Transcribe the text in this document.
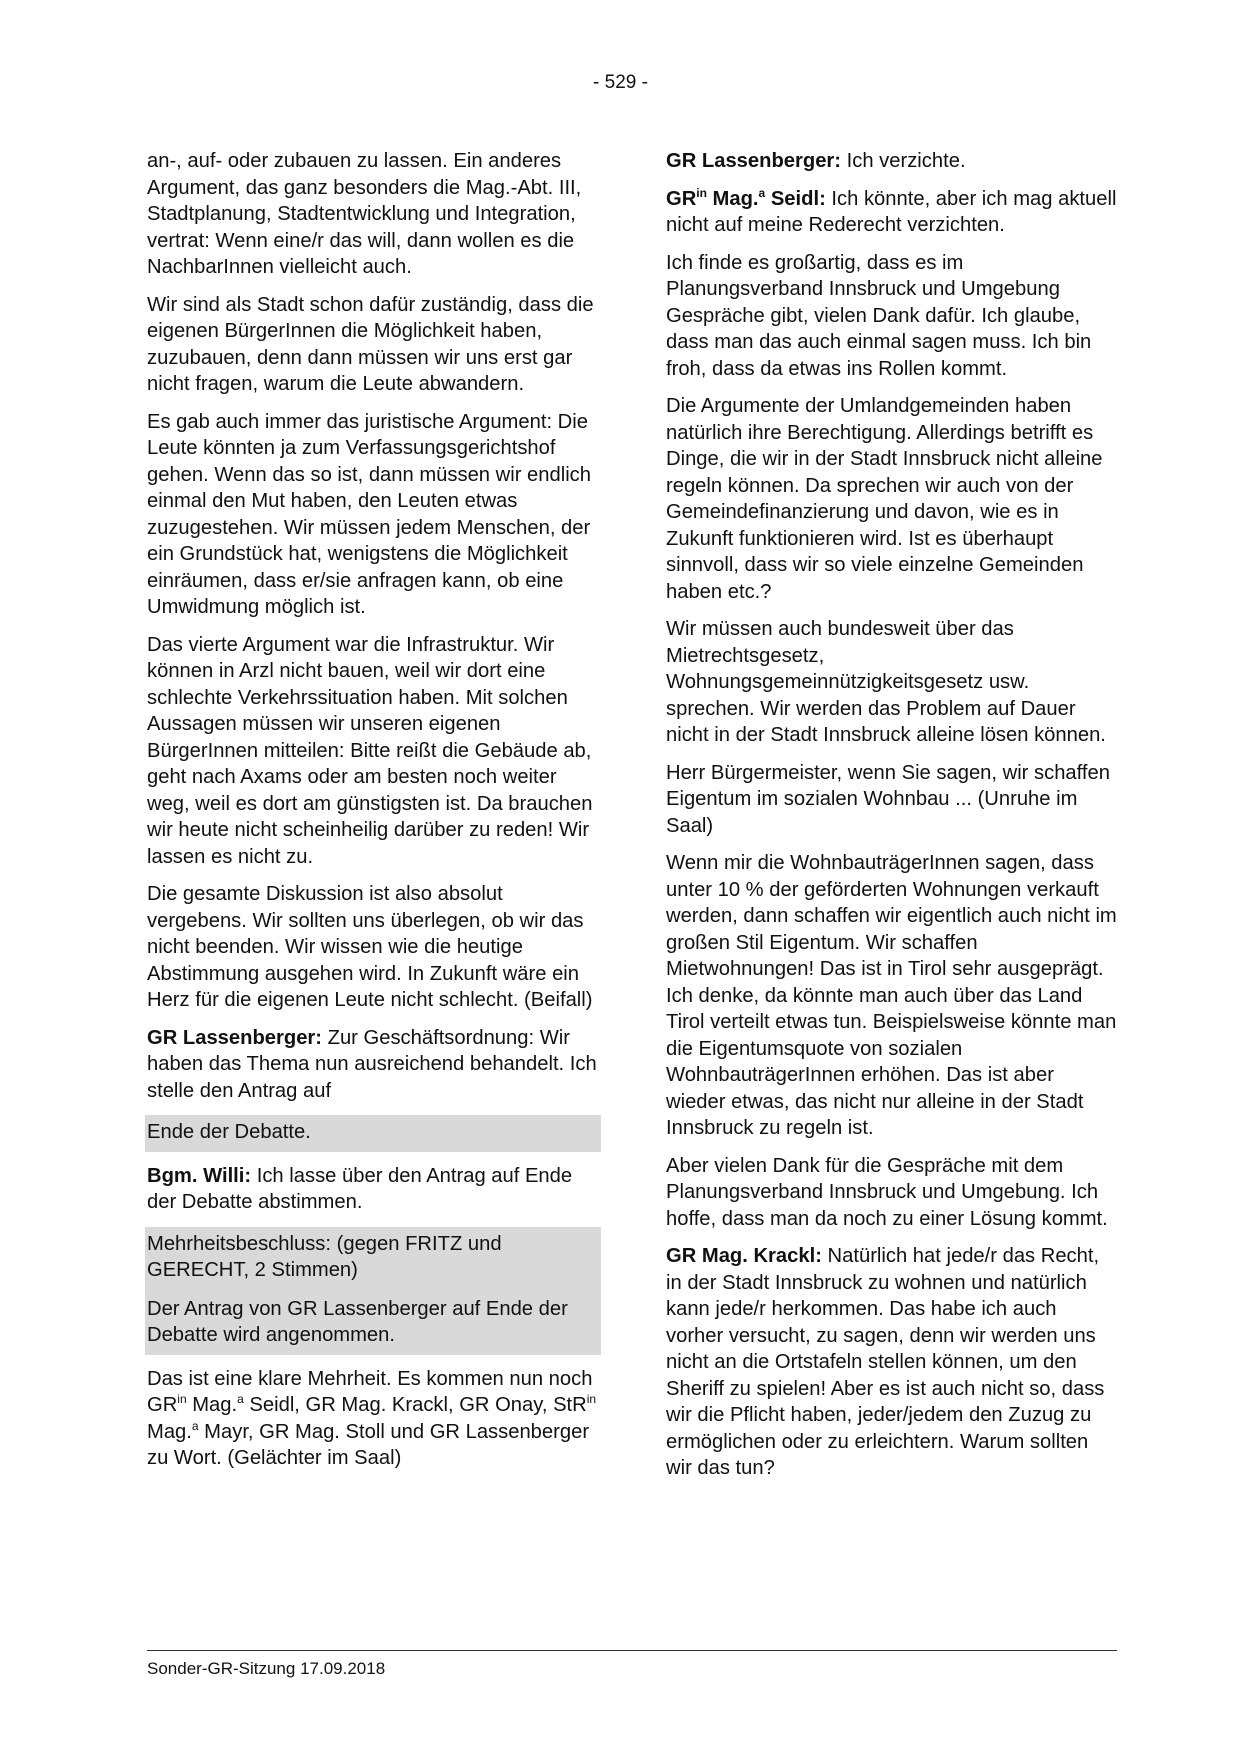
- 529 -

an-, auf- oder zubauen zu lassen. Ein anderes Argument, das ganz besonders die Mag.-Abt. III, Stadtplanung, Stadtentwicklung und Integration, vertrat: Wenn eine/r das will, dann wollen es die NachbarInnen vielleicht auch.

Wir sind als Stadt schon dafür zuständig, dass die eigenen BürgerInnen die Möglichkeit haben, zuzubauen, denn dann müssen wir uns erst gar nicht fragen, warum die Leute abwandern.

Es gab auch immer das juristische Argument: Die Leute könnten ja zum Verfassungsgerichtshof gehen. Wenn das so ist, dann müssen wir endlich einmal den Mut haben, den Leuten etwas zuzugestehen. Wir müssen jedem Menschen, der ein Grundstück hat, wenigstens die Möglichkeit einräumen, dass er/sie anfragen kann, ob eine Umwidmung möglich ist.

Das vierte Argument war die Infrastruktur. Wir können in Arzl nicht bauen, weil wir dort eine schlechte Verkehrssituation haben. Mit solchen Aussagen müssen wir unseren eigenen BürgerInnen mitteilen: Bitte reißt die Gebäude ab, geht nach Axams oder am besten noch weiter weg, weil es dort am günstigsten ist. Da brauchen wir heute nicht scheinheilig darüber zu reden! Wir lassen es nicht zu.

Die gesamte Diskussion ist also absolut vergebens. Wir sollten uns überlegen, ob wir das nicht beenden. Wir wissen wie die heutige Abstimmung ausgehen wird. In Zukunft wäre ein Herz für die eigenen Leute nicht schlecht. (Beifall)

GR Lassenberger: Zur Geschäftsordnung: Wir haben das Thema nun ausreichend behandelt. Ich stelle den Antrag auf

Ende der Debatte.

Bgm. Willi: Ich lasse über den Antrag auf Ende der Debatte abstimmen.

Mehrheitsbeschluss: (gegen FRITZ und GERECHT, 2 Stimmen)

Der Antrag von GR Lassenberger auf Ende der Debatte wird angenommen.

Das ist eine klare Mehrheit. Es kommen nun noch $GR^{in}$ Mag.$^a$ Seidl, GR Mag. Krackl, GR Onay, StR$^{in}$ Mag.$^a$ Mayr, GR Mag. Stoll und GR Lassenberger zu Wort. (Gelächter im Saal)

GR Lassenberger: Ich verzichte.

$GR^{in}$ Mag.$^a$ Seidl: Ich könnte, aber ich mag aktuell nicht auf meine Rederecht verzichten.

Ich finde es großartig, dass es im Planungsverband Innsbruck und Umgebung Gespräche gibt, vielen Dank dafür. Ich glaube, dass man das auch einmal sagen muss. Ich bin froh, dass da etwas ins Rollen kommt.

Die Argumente der Umlandgemeinden haben natürlich ihre Berechtigung. Allerdings betrifft es Dinge, die wir in der Stadt Innsbruck nicht alleine regeln können. Da sprechen wir auch von der Gemeindefinanzierung und davon, wie es in Zukunft funktionieren wird. Ist es überhaupt sinnvoll, dass wir so viele einzelne Gemeinden haben etc.?

Wir müssen auch bundesweit über das Mietrechtsgesetz, Wohnungsgemeinnützigkeitsgesetz usw. sprechen. Wir werden das Problem auf Dauer nicht in der Stadt Innsbruck alleine lösen können.

Herr Bürgermeister, wenn Sie sagen, wir schaffen Eigentum im sozialen Wohnbau ... (Unruhe im Saal)

Wenn mir die WohnbauträgerInnen sagen, dass unter 10 % der geförderten Wohnungen verkauft werden, dann schaffen wir eigentlich auch nicht im großen Stil Eigentum. Wir schaffen Mietwohnungen! Das ist in Tirol sehr ausgeprägt. Ich denke, da könnte man auch über das Land Tirol verteilt etwas tun. Beispielsweise könnte man die Eigentumsquote von sozialen WohnbauträgerInnen erhöhen. Das ist aber wieder etwas, das nicht nur alleine in der Stadt Innsbruck zu regeln ist.

Aber vielen Dank für die Gespräche mit dem Planungsverband Innsbruck und Umgebung. Ich hoffe, dass man da noch zu einer Lösung kommt.

GR Mag. Krackl: Natürlich hat jede/r das Recht, in der Stadt Innsbruck zu wohnen und natürlich kann jede/r herkommen. Das habe ich auch vorher versucht, zu sagen, denn wir werden uns nicht an die Ortstafeln stellen können, um den Sheriff zu spielen! Aber es ist auch nicht so, dass wir die Pflicht haben, jeder/jedem den Zuzug zu ermöglichen oder zu erleichtern. Warum sollten wir das tun?

Sonder-GR-Sitzung 17.09.2018
